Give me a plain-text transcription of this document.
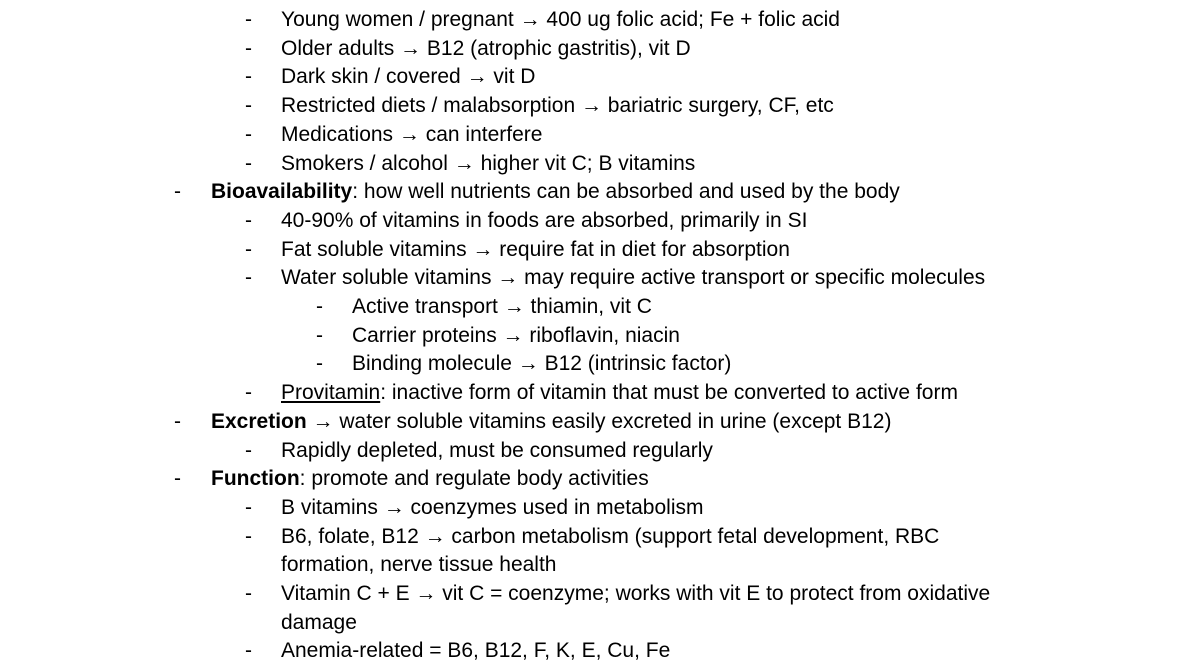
- Young women / pregnant → 400 ug folic acid; Fe + folic acid
- Older adults → B12 (atrophic gastritis), vit D
- Dark skin / covered → vit D
- Restricted diets / malabsorption → bariatric surgery, CF, etc
- Medications → can interfere
- Smokers / alcohol → higher vit C; B vitamins
- Bioavailability: how well nutrients can be absorbed and used by the body
- 40-90% of vitamins in foods are absorbed, primarily in SI
- Fat soluble vitamins → require fat in diet for absorption
- Water soluble vitamins → may require active transport or specific molecules
- Active transport → thiamin, vit C
- Carrier proteins → riboflavin, niacin
- Binding molecule → B12 (intrinsic factor)
- Provitamin: inactive form of vitamin that must be converted to active form
- Excretion → water soluble vitamins easily excreted in urine (except B12)
- Rapidly depleted, must be consumed regularly
- Function: promote and regulate body activities
- B vitamins → coenzymes used in metabolism
- B6, folate, B12 → carbon metabolism (support fetal development, RBC
formation, nerve tissue health
- Vitamin C + E → vit C = coenzyme; works with vit E to protect from oxidative
damage
- Anemia-related = B6, B12, F, K, E, Cu, Fe
